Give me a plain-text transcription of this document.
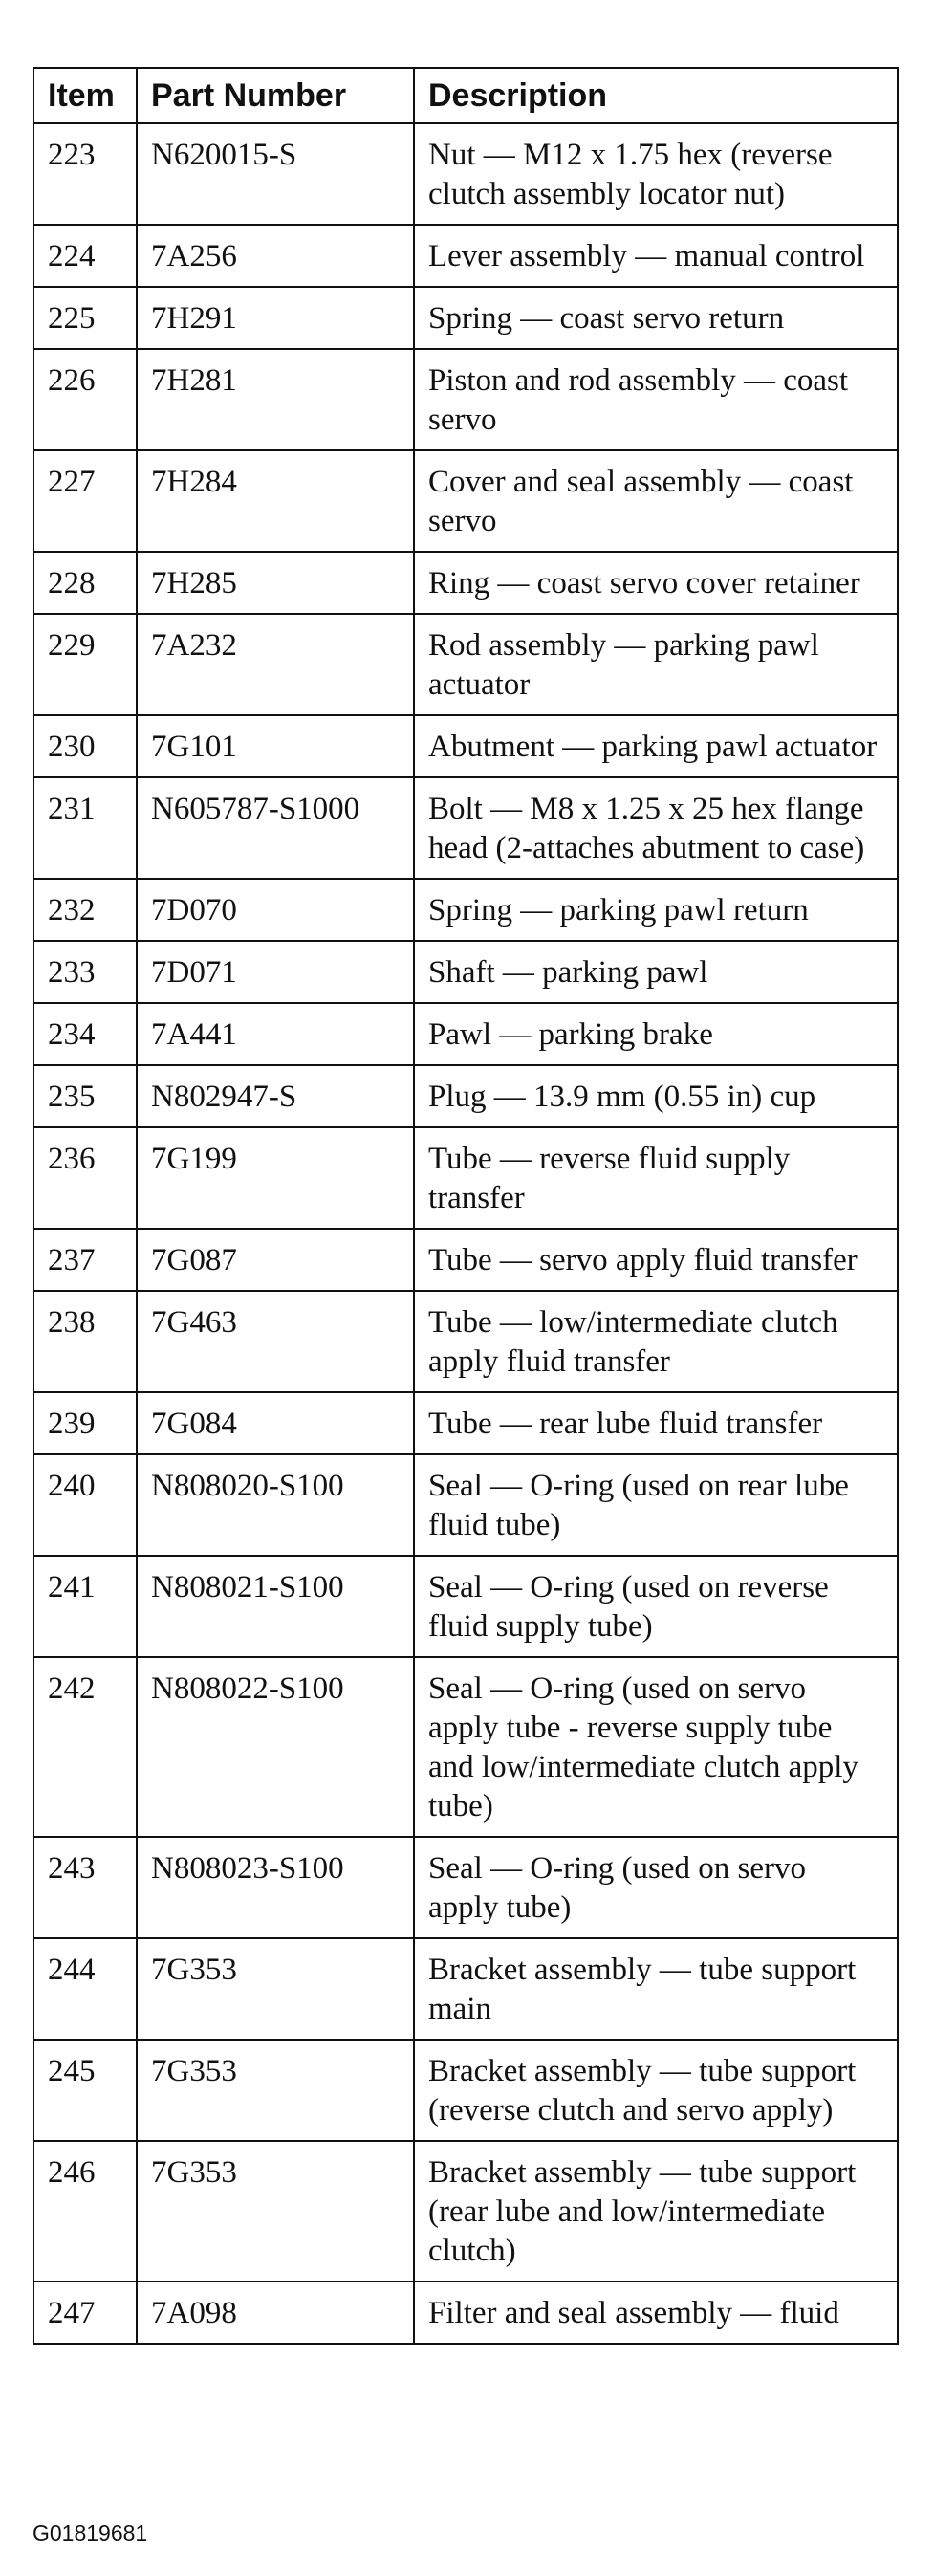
Item	Part Number	Description
223	N620015-S	Nut — M12 x 1.75 hex (reverse clutch assembly locator nut)
224	7A256	Lever assembly — manual control
225	7H291	Spring — coast servo return
226	7H281	Piston and rod assembly — coast servo
227	7H284	Cover and seal assembly — coast servo
228	7H285	Ring — coast servo cover retainer
229	7A232	Rod assembly — parking pawl actuator
230	7G101	Abutment — parking pawl actuator
231	N605787-S1000	Bolt — M8 x 1.25 x 25 hex flange head (2-attaches abutment to case)
232	7D070	Spring — parking pawl return
233	7D071	Shaft — parking pawl
234	7A441	Pawl — parking brake
235	N802947-S	Plug — 13.9 mm (0.55 in) cup
236	7G199	Tube — reverse fluid supply transfer
237	7G087	Tube — servo apply fluid transfer
238	7G463	Tube — low/intermediate clutch apply fluid transfer
239	7G084	Tube — rear lube fluid transfer
240	N808020-S100	Seal — O-ring (used on rear lube fluid tube)
241	N808021-S100	Seal — O-ring (used on reverse fluid supply tube)
242	N808022-S100	Seal — O-ring (used on servo apply tube - reverse supply tube and low/intermediate clutch apply tube)
243	N808023-S100	Seal — O-ring (used on servo apply tube)
244	7G353	Bracket assembly — tube support main
245	7G353	Bracket assembly — tube support (reverse clutch and servo apply)
246	7G353	Bracket assembly — tube support (rear lube and low/intermediate clutch)
247	7A098	Filter and seal assembly — fluid
G01819681
